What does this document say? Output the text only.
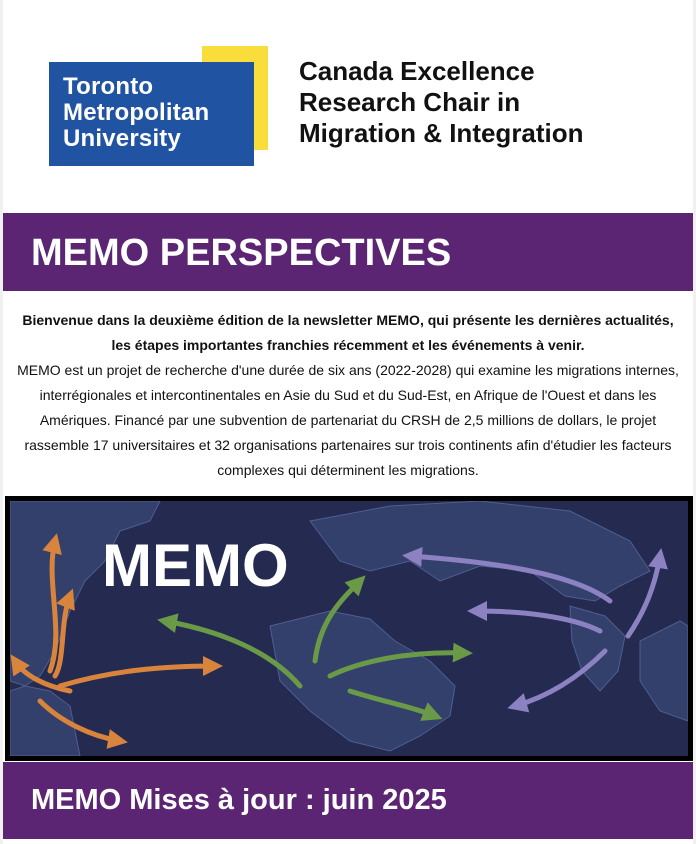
Toronto
Metropolitan
University
Canada Excellence
Research Chair in
Migration & Integration
MEMO PERSPECTIVES
Bienvenue dans la deuxième édition de la newsletter MEMO, qui présente les dernières actualités, les étapes importantes franchies récemment et les événements à venir.
MEMO est un projet de recherche d'une durée de six ans (2022-2028) qui examine les migrations internes, interrégionales et intercontinentales en Asie du Sud et du Sud-Est, en Afrique de l'Ouest et dans les Amériques. Financé par une subvention de partenariat du CRSH de 2,5 millions de dollars, le projet rassemble 17 universitaires et 32 organisations partenaires sur trois continents afin d'étudier les facteurs complexes qui déterminent les migrations.
MEMO
MEMO Mises à jour : juin 2025
